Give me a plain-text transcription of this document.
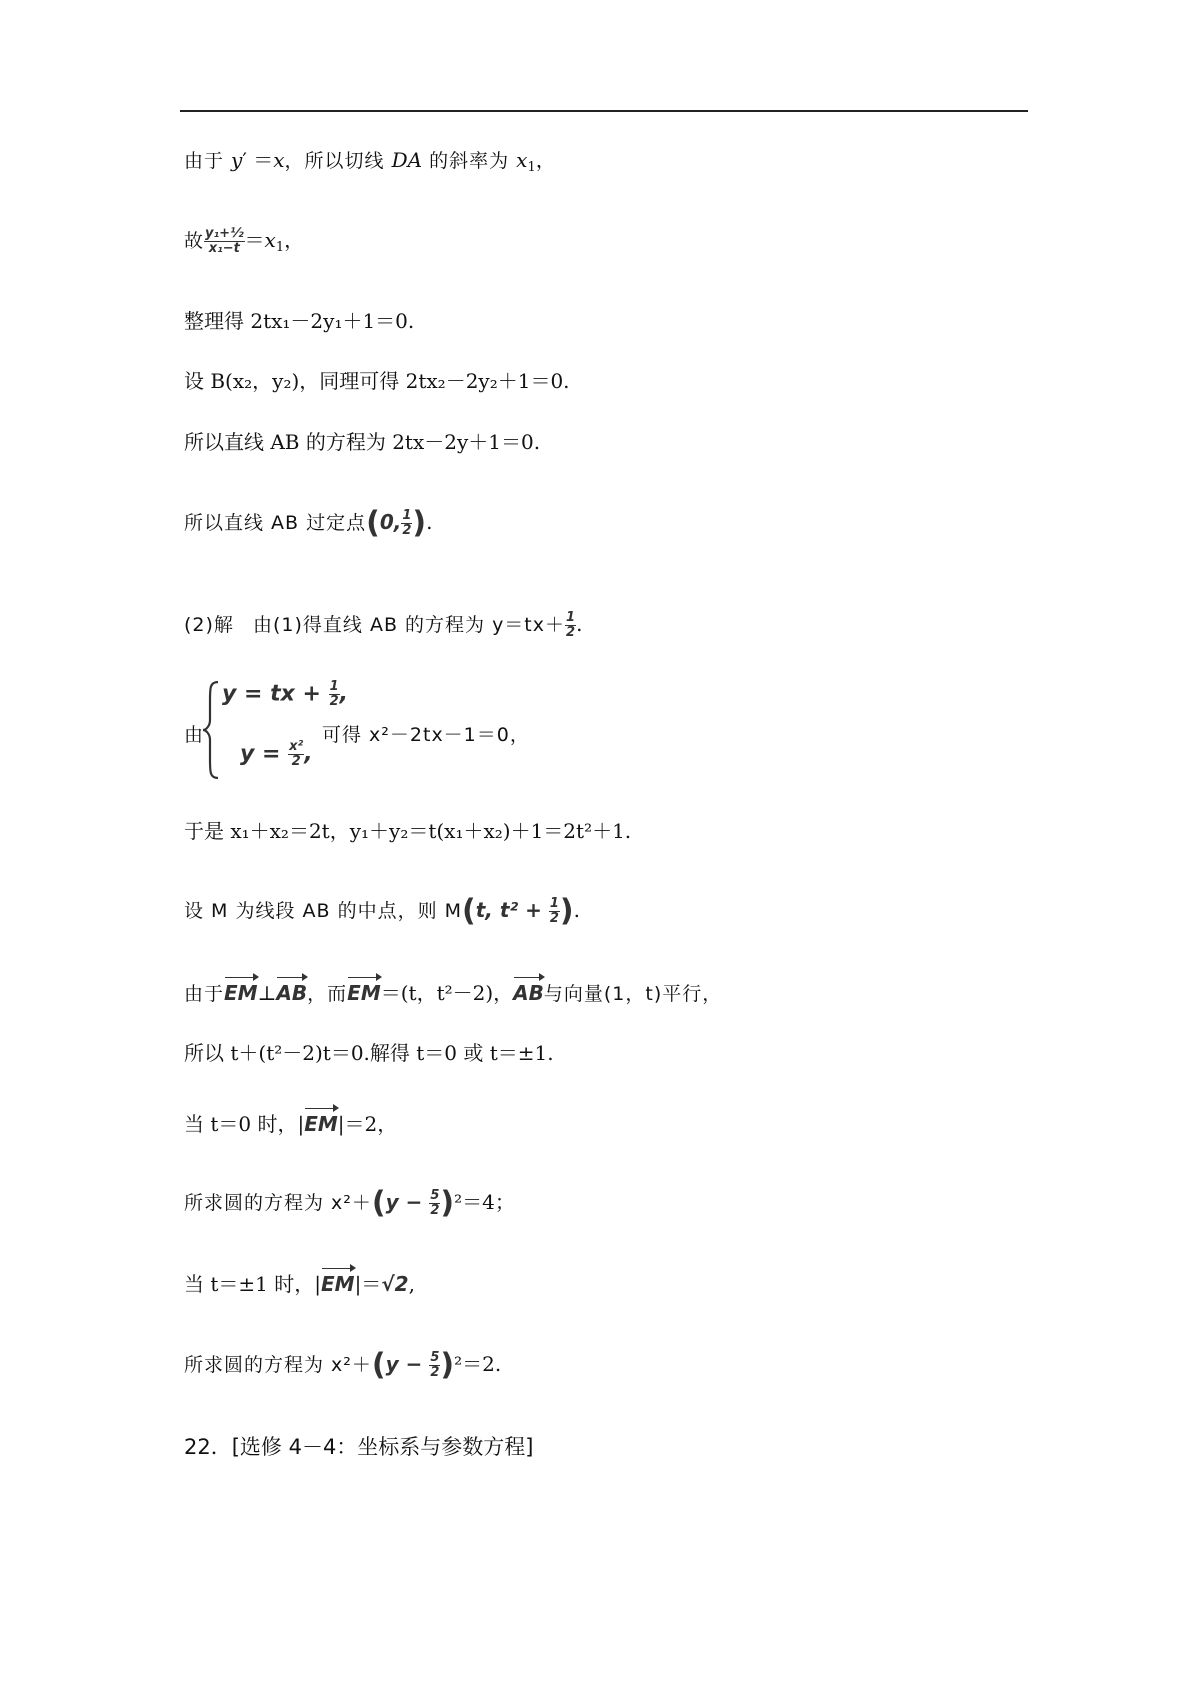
由于 y′ ＝x，所以切线 DA 的斜率为 $x_1$，
故 $\frac{\text{y₁+½}}{\text{x₁−t}} =x_1$，
整理得 2tx₁－2y₁＋1＝0.
设 B(x₂，y₂)，同理可得 2tx₂－2y₂＋1＝0.
所以直线 AB 的方程为 2tx－2y＋1＝0.
所以直线 AB 过定点(0, $\frac{1}{2}$ ).
(2)解 由(1)得直线 AB 的方程为 $y=tx+ \frac{1}{2}$ .
由
y = tx + $\frac{1}{2}$ ,
$y = \frac{\text{x²}}{2}$ ,
可得 x²－2tx－1＝0，
于是 x₁＋x₂＝2t，y₁＋y₂＝t(x₁＋x₂)＋1＝2t²＋1.
设 M 为线段 AB 的中点，则 M(t, $t^2 + \frac{1}{2}$ ).
由于EM⊥AB，而EM＝(t，t²－2)，AB与向量(1，t)平行，
所以 t＋(t²－2)t＝0.解得 t＝0 或 t＝±1.
当 t＝0 时，|EM|＝2，
所求圆的方程为 $x^2+(y - \frac{5}{2} )^2=4$；
当 t＝±1 时，|EM|＝√2,
所求圆的方程为 $x^2+(y - \frac{5}{2} )^2=2$.
22．[选修 4－4：坐标系与参数方程]
